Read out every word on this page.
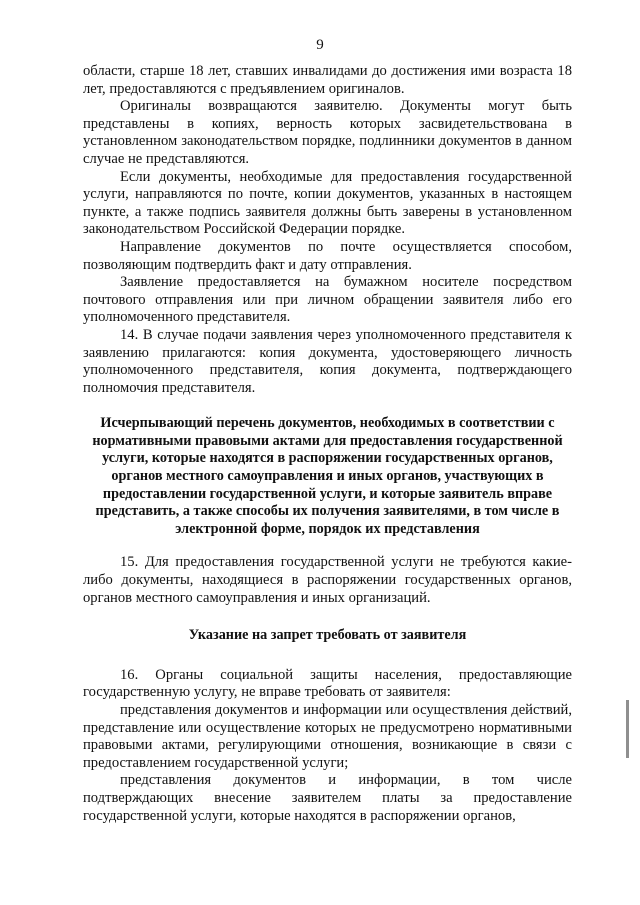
9

области, старше 18 лет, ставших инвалидами до достижения ими возраста 18 лет, предоставляются с предъявлением оригиналов.

Оригиналы возвращаются заявителю. Документы могут быть представлены в копиях, верность которых засвидетельствована в установленном законодательством порядке, подлинники документов в данном случае не представляются.

Если документы, необходимые для предоставления государственной услуги, направляются по почте, копии документов, указанных в настоящем пункте, а также подпись заявителя должны быть заверены в установленном законодательством Российской Федерации порядке.

Направление документов по почте осуществляется способом, позволяющим подтвердить факт и дату отправления.

Заявление предоставляется на бумажном носителе посредством почтового отправления или при личном обращении заявителя либо его уполномоченного представителя.

14. В случае подачи заявления через уполномоченного представителя к заявлению прилагаются: копия документа, удостоверяющего личность уполномоченного представителя, копия документа, подтверждающего полномочия представителя.

Исчерпывающий перечень документов, необходимых в соответствии с нормативными правовыми актами для предоставления государственной услуги, которые находятся в распоряжении государственных органов, органов местного самоуправления и иных органов, участвующих в предоставлении государственной услуги, и которые заявитель вправе представить, а также способы их получения заявителями, в том числе в электронной форме, порядок их представления

15. Для предоставления государственной услуги не требуются какие-либо документы, находящиеся в распоряжении государственных органов, органов местного самоуправления и иных организаций.

Указание на запрет требовать от заявителя

16. Органы социальной защиты населения, предоставляющие государственную услугу, не вправе требовать от заявителя:

представления документов и информации или осуществления действий, представление или осуществление которых не предусмотрено нормативными правовыми актами, регулирующими отношения, возникающие в связи с предоставлением государственной услуги;

представления документов и информации, в том числе подтверждающих внесение заявителем платы за предоставление государственной услуги, которые находятся в распоряжении органов,
